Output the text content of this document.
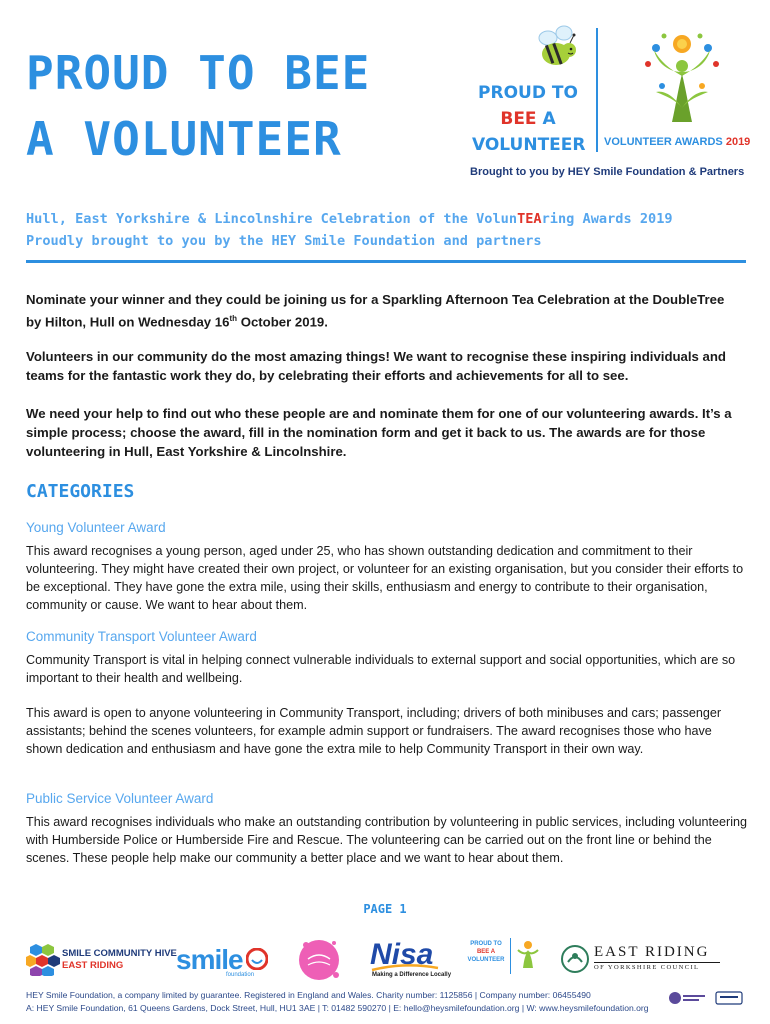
PROUD TO BEE
A VOLUNTEER
PROUD TO
BEE A
VOLUNTEER VOLUNTEER AWARDS 2019
Brought to you by HEY Smile Foundation & Partners
Hull, East Yorkshire & Lincolnshire Celebration of the VolunTEAring Awards 2019
Proudly brought to you by the HEY Smile Foundation and partners
Nominate your winner and they could be joining us for a Sparkling Afternoon Tea Celebration at the DoubleTree by Hilton, Hull on Wednesday 16th October 2019.
Volunteers in our community do the most amazing things! We want to recognise these inspiring individuals and teams for the fantastic work they do, by celebrating their efforts and achievements for all to see.
We need your help to find out who these people are and nominate them for one of our volunteering awards. It’s a simple process; choose the award, fill in the nomination form and get it back to us. The awards are for those volunteering in Hull, East Yorkshire & Lincolnshire.
CATEGORIES
Young Volunteer Award
This award recognises a young person, aged under 25, who has shown outstanding dedication and commitment to their volunteering. They might have created their own project, or volunteer for an existing organisation, but you consider their efforts to be exceptional. They have gone the extra mile, using their skills, enthusiasm and energy to contribute to their organisation, community or cause. We want to hear about them.
Community Transport Volunteer Award
Community Transport is vital in helping connect vulnerable individuals to external support and social opportunities, which are so important to their health and wellbeing.
This award is open to anyone volunteering in Community Transport, including; drivers of both minibuses and cars; passenger assistants; behind the scenes volunteers, for example admin support or fundraisers. The award recognises those who have shown dedication and enthusiasm and have gone the extra mile to help Community Transport in their own way.
Public Service Volunteer Award
This award recognises individuals who make an outstanding contribution by volunteering in public services, including volunteering with Humberside Police or Humberside Fire and Rescue. The volunteering can be carried out on the front line or behind the scenes. These people help make our community a better place and we want to hear about them.
PAGE 1
SMILE COMMUNITY HIVE
EAST RIDING	smile
foundation
Nisa
Making a Difference Locally
PROUD TO
BEE A
VOLUNTEER	EAST RIDING
OF YORKSHIRE COUNCIL
HEY Smile Foundation, a company limited by guarantee. Registered in England and Wales. Charity number: 1125856 | Company number: 06455490
A: HEY Smile Foundation, 61 Queens Gardens, Dock Street, Hull, HU1 3AE | T: 01482 590270 | E: hello@heysmilefoundation.org | W: www.heysmilefoundation.org
